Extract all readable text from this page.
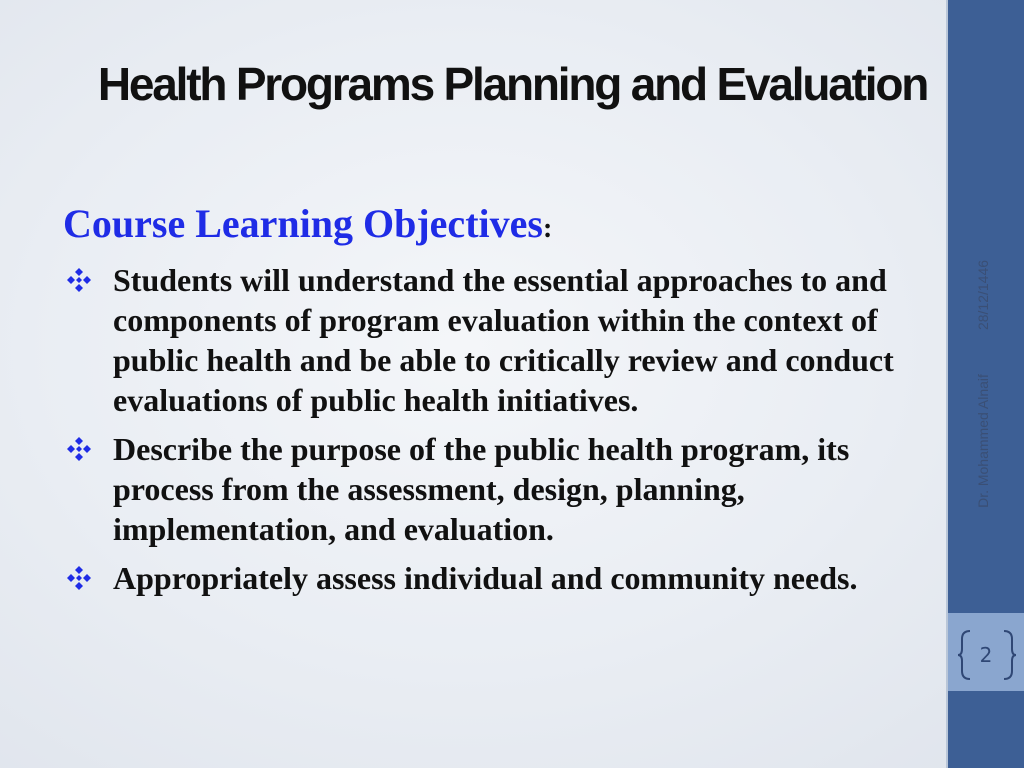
2
28/12/1446
Dr. Mohammed Alnaif
Health Programs Planning and Evaluation
Course Learning Objectives:
Students will understand the essential approaches to and components of program evaluation within the context of public health and be able to critically review and conduct evaluations of public health initiatives.
Describe the purpose of the public health program, its process from the assessment, design, planning, implementation, and evaluation.
Appropriately assess individual and community needs.
